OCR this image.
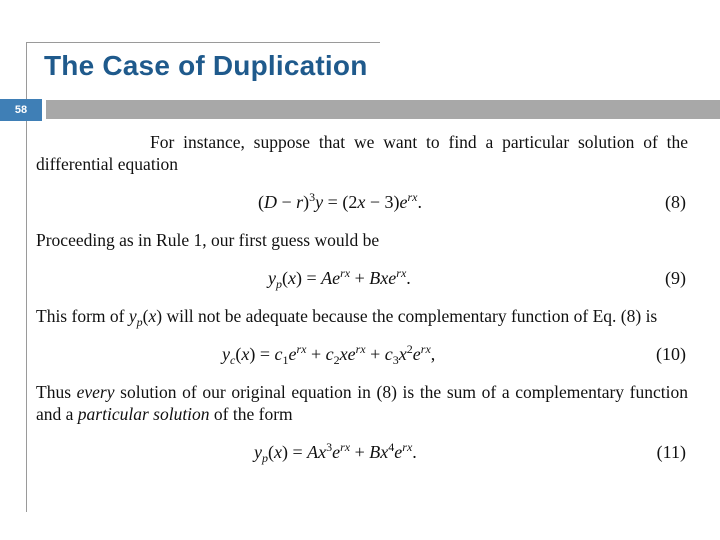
The Case of Duplication
58

For instance, suppose that we want to find a particular solution of the differential equation

$(D - r)^3y = (2x - 3)e^{rx}$.	(8)

Proceeding as in Rule 1, our first guess would be

$y_p(x) = Ae^{rx} + Bxe^{rx}$.	(9)

This form of $y_p(x)$ will not be adequate because the complementary function of Eq. (8) is

$y_c(x) = c_1e^{rx} + c_2xe^{rx} + c_3x^2e^{rx}$,	(10)

Thus every solution of our original equation in (8) is the sum of a complementary function and a particular solution of the form

$y_p(x) = Ax^3e^{rx} + Bx^4e^{rx}$.	(11)
